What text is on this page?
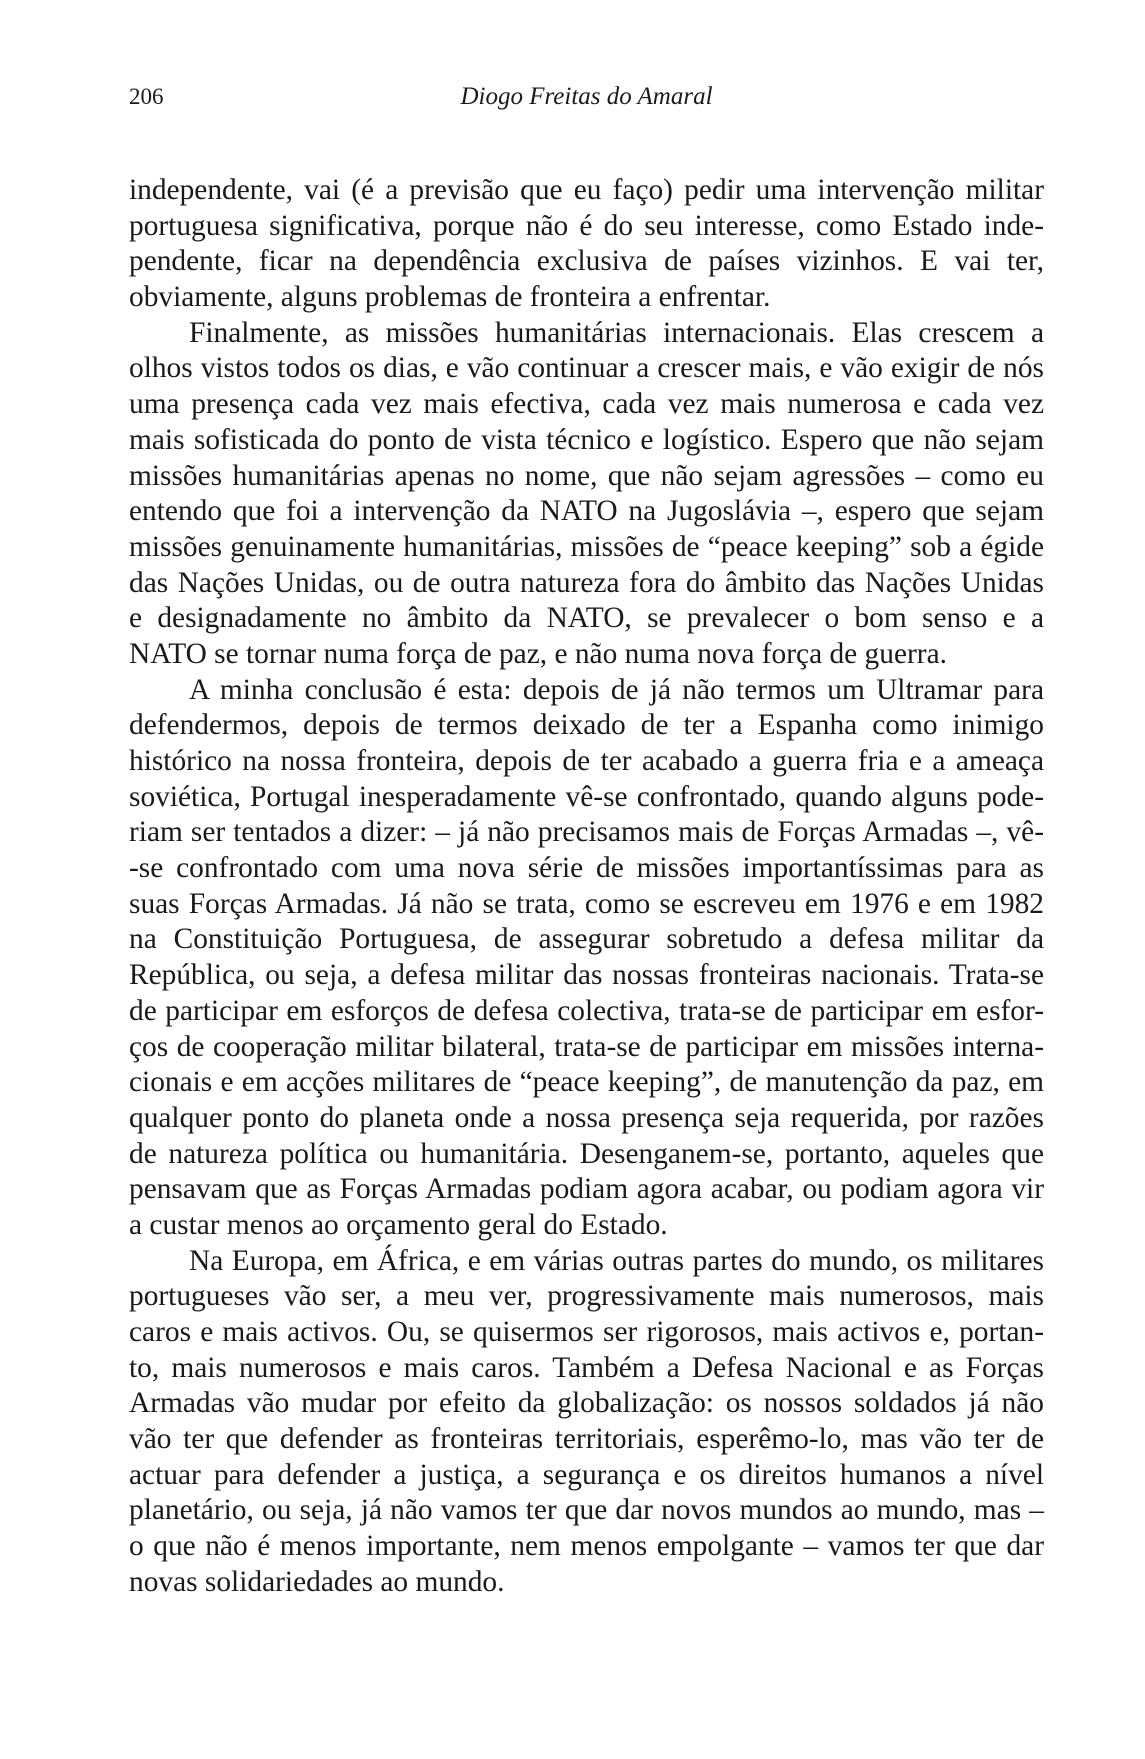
206	Diogo Freitas do Amaral
independente, vai (é a previsão que eu faço) pedir uma intervenção militar
portuguesa significativa, porque não é do seu interesse, como Estado inde-
pendente, ficar na dependência exclusiva de países vizinhos. E vai ter,
obviamente, alguns problemas de fronteira a enfrentar.
Finalmente, as missões humanitárias internacionais. Elas crescem a
olhos vistos todos os dias, e vão continuar a crescer mais, e vão exigir de nós
uma presença cada vez mais efectiva, cada vez mais numerosa e cada vez
mais sofisticada do ponto de vista técnico e logístico. Espero que não sejam
missões humanitárias apenas no nome, que não sejam agressões – como eu
entendo que foi a intervenção da NATO na Jugoslávia –, espero que sejam
missões genuinamente humanitárias, missões de “peace keeping” sob a égide
das Nações Unidas, ou de outra natureza fora do âmbito das Nações Unidas
e designadamente no âmbito da NATO, se prevalecer o bom senso e a
NATO se tornar numa força de paz, e não numa nova força de guerra.
A minha conclusão é esta: depois de já não termos um Ultramar para
defendermos, depois de termos deixado de ter a Espanha como inimigo
histórico na nossa fronteira, depois de ter acabado a guerra fria e a ameaça
soviética, Portugal inesperadamente vê-se confrontado, quando alguns pode-
riam ser tentados a dizer: – já não precisamos mais de Forças Armadas –, vê-
-se confrontado com uma nova série de missões importantíssimas para as
suas Forças Armadas. Já não se trata, como se escreveu em 1976 e em 1982
na Constituição Portuguesa, de assegurar sobretudo a defesa militar da
República, ou seja, a defesa militar das nossas fronteiras nacionais. Trata-se
de participar em esforços de defesa colectiva, trata-se de participar em esfor-
ços de cooperação militar bilateral, trata-se de participar em missões interna-
cionais e em acções militares de “peace keeping”, de manutenção da paz, em
qualquer ponto do planeta onde a nossa presença seja requerida, por razões
de natureza política ou humanitária. Desenganem-se, portanto, aqueles que
pensavam que as Forças Armadas podiam agora acabar, ou podiam agora vir
a custar menos ao orçamento geral do Estado.
Na Europa, em África, e em várias outras partes do mundo, os militares
portugueses vão ser, a meu ver, progressivamente mais numerosos, mais
caros e mais activos. Ou, se quisermos ser rigorosos, mais activos e, portan-
to, mais numerosos e mais caros. Também a Defesa Nacional e as Forças
Armadas vão mudar por efeito da globalização: os nossos soldados já não
vão ter que defender as fronteiras territoriais, esperêmo-lo, mas vão ter de
actuar para defender a justiça, a segurança e os direitos humanos a nível
planetário, ou seja, já não vamos ter que dar novos mundos ao mundo, mas –
o que não é menos importante, nem menos empolgante – vamos ter que dar
novas solidariedades ao mundo.
